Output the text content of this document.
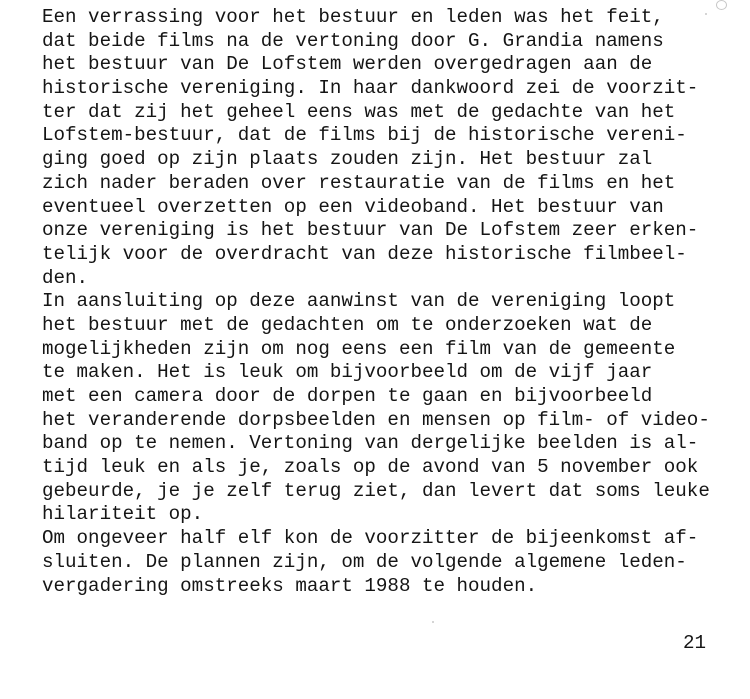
Een verrassing voor het bestuur en leden was het feit,
dat beide films na de vertoning door G. Grandia namens
het bestuur van De Lofstem werden overgedragen aan de
historische vereniging. In haar dankwoord zei de voorzit-
ter dat zij het geheel eens was met de gedachte van het
Lofstem-bestuur, dat de films bij de historische vereni-
ging goed op zijn plaats zouden zijn. Het bestuur zal
zich nader beraden over restauratie van de films en het
eventueel overzetten op een videoband. Het bestuur van
onze vereniging is het bestuur van De Lofstem zeer erken-
telijk voor de overdracht van deze historische filmbeel-
den.
In aansluiting op deze aanwinst van de vereniging loopt
het bestuur met de gedachten om te onderzoeken wat de
mogelijkheden zijn om nog eens een film van de gemeente
te maken. Het is leuk om bijvoorbeeld om de vijf jaar
met een camera door de dorpen te gaan en bijvoorbeeld
het veranderende dorpsbeelden en mensen op film- of video-
band op te nemen. Vertoning van dergelijke beelden is al-
tijd leuk en als je, zoals op de avond van 5 november ook
gebeurde, je je zelf terug ziet, dan levert dat soms leuke
hilariteit op.
Om ongeveer half elf kon de voorzitter de bijeenkomst af-
sluiten. De plannen zijn, om de volgende algemene leden-
vergadering omstreeks maart 1988 te houden.
21
